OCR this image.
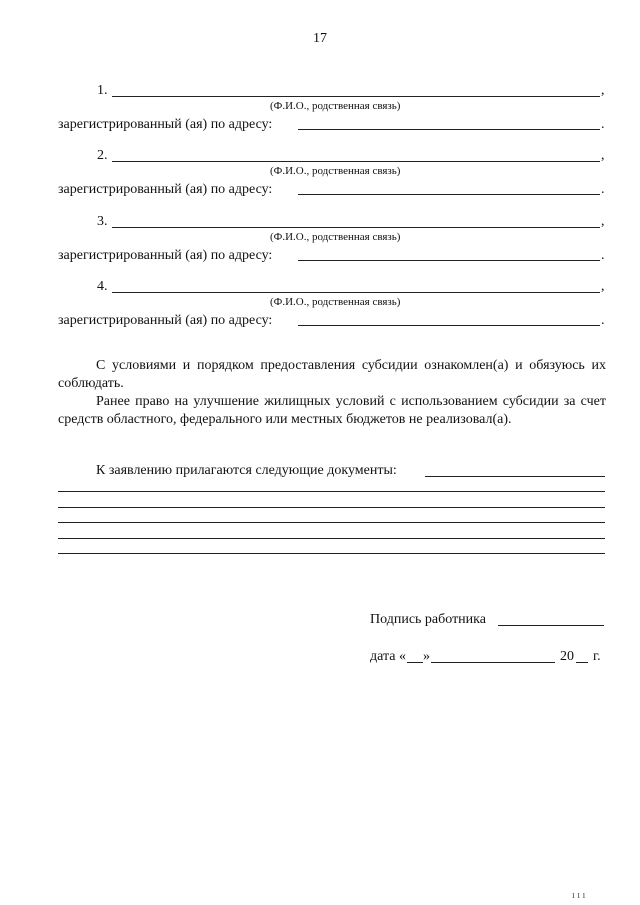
17
1.	,
(Ф.И.О., родственная связь)
зарегистрированный (ая) по адресу:	.
2.	,
(Ф.И.О., родственная связь)
зарегистрированный (ая) по адресу:	.
3.	,
(Ф.И.О., родственная связь)
зарегистрированный (ая) по адресу:	.
4.	,
(Ф.И.О., родственная связь)
зарегистрированный (ая) по адресу:	.
С условиями и порядком предоставления субсидии ознакомлен(а) и обязуюсь их соблюдать.
Ранее право на улучшение жилищных условий с использованием субсидии за счет средств областного, федерального или местных бюджетов не реализовал(а).
К заявлению прилагаются следующие документы:
Подпись работника
дата « »	20 г.
ı ı ı
